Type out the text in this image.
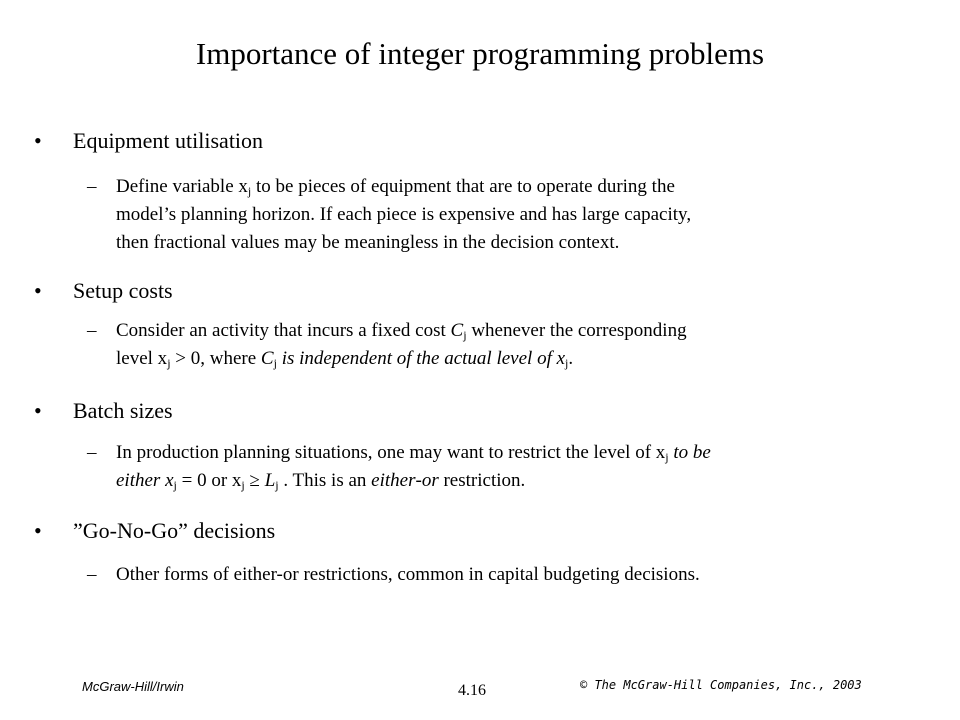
Importance of integer programming problems
• Equipment utilisation
– Define variable $x_j$ to be pieces of equipment that are to operate during the
model’s planning horizon. If each piece is expensive and has large capacity,
then fractional values may be meaningless in the decision context.
• Setup costs
– Consider an activity that incurs a fixed cost $C_j$ whenever the corresponding
level $x_j > 0$, where $C_j$ is independent of the actual level of $x_j$.
• Batch sizes
– In production planning situations, one may want to restrict the level of $x_j$ to be
either $x_j = 0$ or $x_j \ge L_j$ . This is an either-or restriction.
• ”Go-No-Go” decisions
– Other forms of either-or restrictions, common in capital budgeting decisions.
McGraw-Hill/Irwin	4.16	© The McGraw-Hill Companies, Inc., 2003
